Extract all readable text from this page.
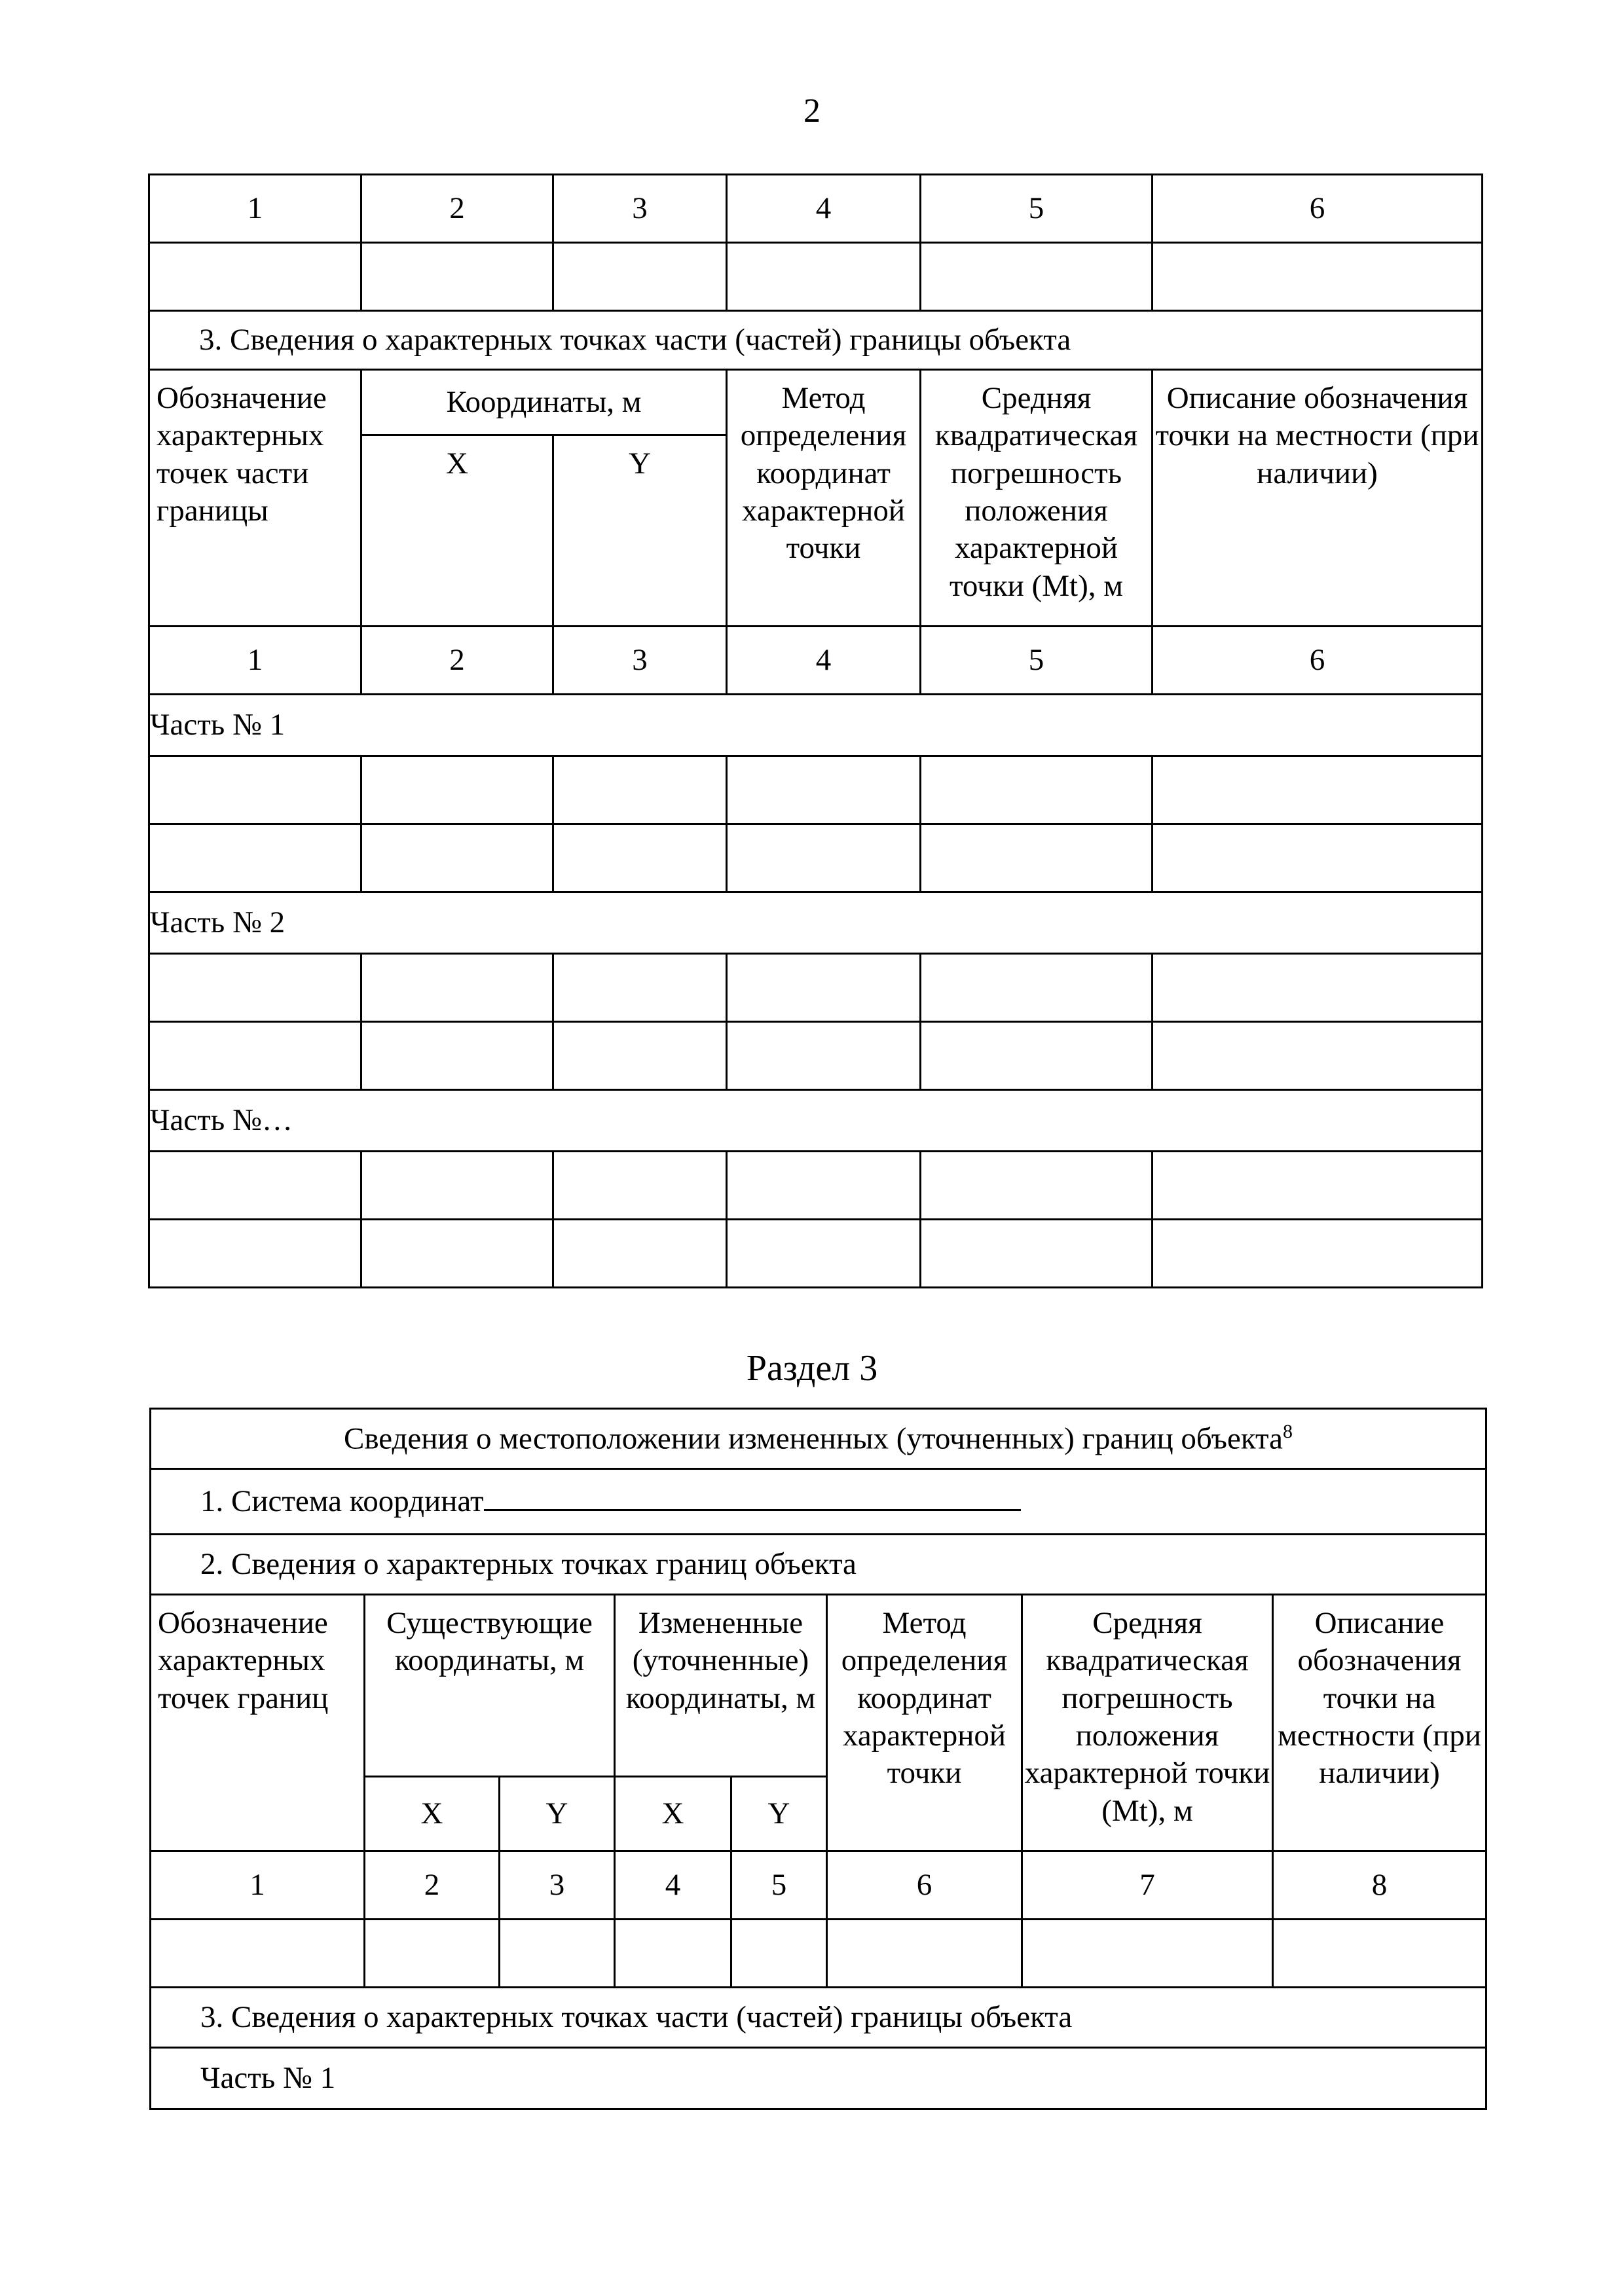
2
1	2	3	4	5	6

3. Сведения о характерных точках части (частей) границы объекта					
Обозначение характерных точек части границы	Координаты, м		Метод определения координат характерной точки	Средняя квадратическая погрешность положения характерной точки (Mt), м	Описание обозначения точки на местности (при наличии)
	X	Y			
1	2	3	4	5	6
Часть № 1					

Часть № 2					

Часть №…					

Раздел 3
Сведения о местоположении измененных (уточненных) границ объекта$^8$
1. Система координат							
2. Сведения о характерных точках границ объекта							
Обозначение характерных точек границ	Существующие координаты, м		Измененные (уточненные) координаты, м		Метод определения координат характерной точки	Средняя квадратическая погрешность положения характерной точки (Mt), м	Описание обозначения точки на местности (при наличии)
	X	Y	X	Y			
1	2	3	4	5	6	7	8

3. Сведения о характерных точках части (частей) границы объекта							
Часть № 1							
